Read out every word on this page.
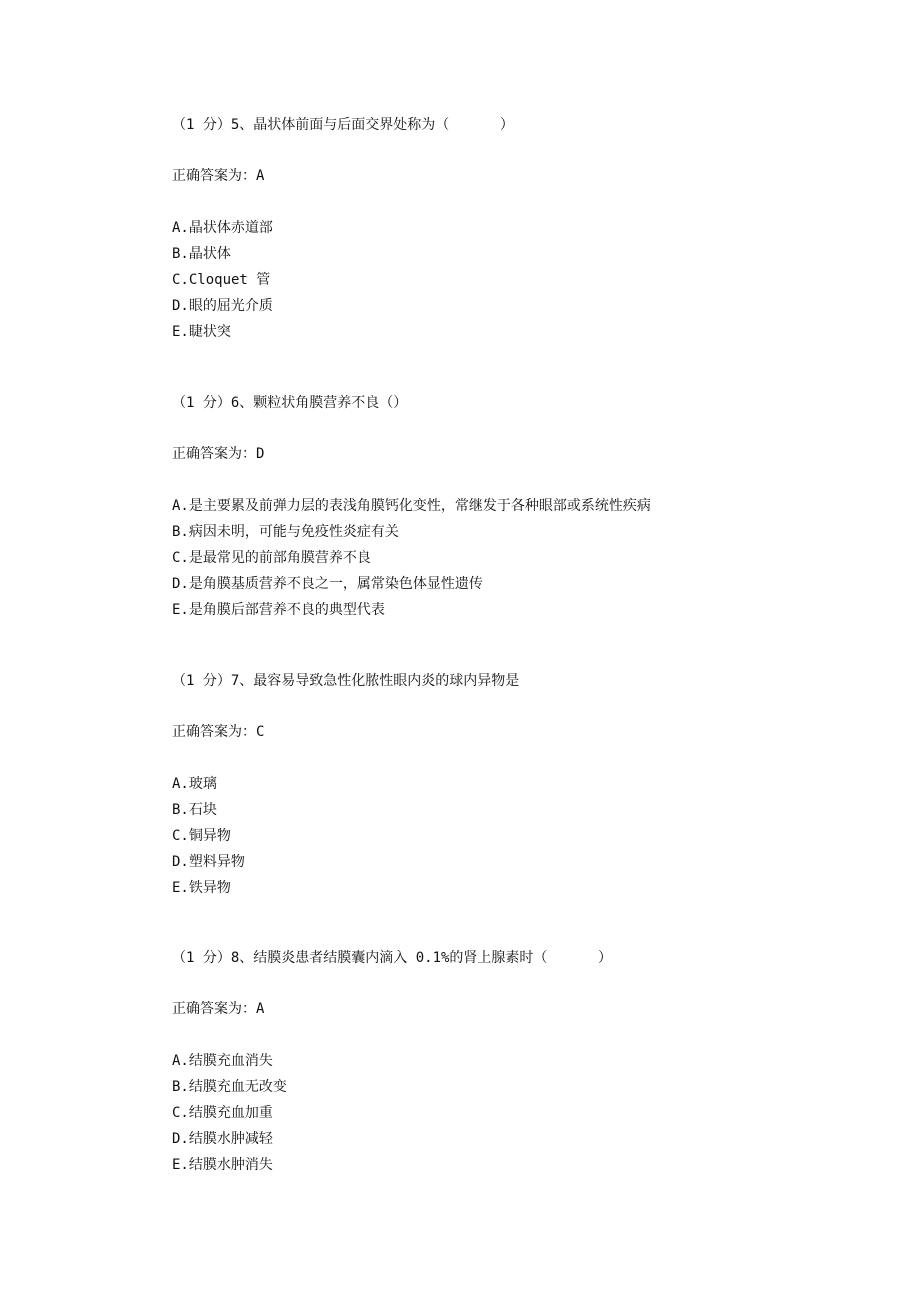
（1 分）5、晶状体前面与后面交界处称为（      ）
正确答案为：A
A.晶状体赤道部
B.晶状体
C.Cloquet 管
D.眼的屈光介质
E.睫状突
（1 分）6、颗粒状角膜营养不良（）
正确答案为：D
A.是主要累及前弹力层的表浅角膜钙化变性，常继发于各种眼部或系统性疾病
B.病因未明，可能与免疫性炎症有关
C.是最常见的前部角膜营养不良
D.是角膜基质营养不良之一，属常染色体显性遗传
E.是角膜后部营养不良的典型代表
（1 分）7、最容易导致急性化脓性眼内炎的球内异物是
正确答案为：C
A.玻璃
B.石块
C.铜异物
D.塑料异物
E.铁异物
（1 分）8、结膜炎患者结膜囊内滴入 0.1%的肾上腺素时（      ）
正确答案为：A
A.结膜充血消失
B.结膜充血无改变
C.结膜充血加重
D.结膜水肿减轻
E.结膜水肿消失
